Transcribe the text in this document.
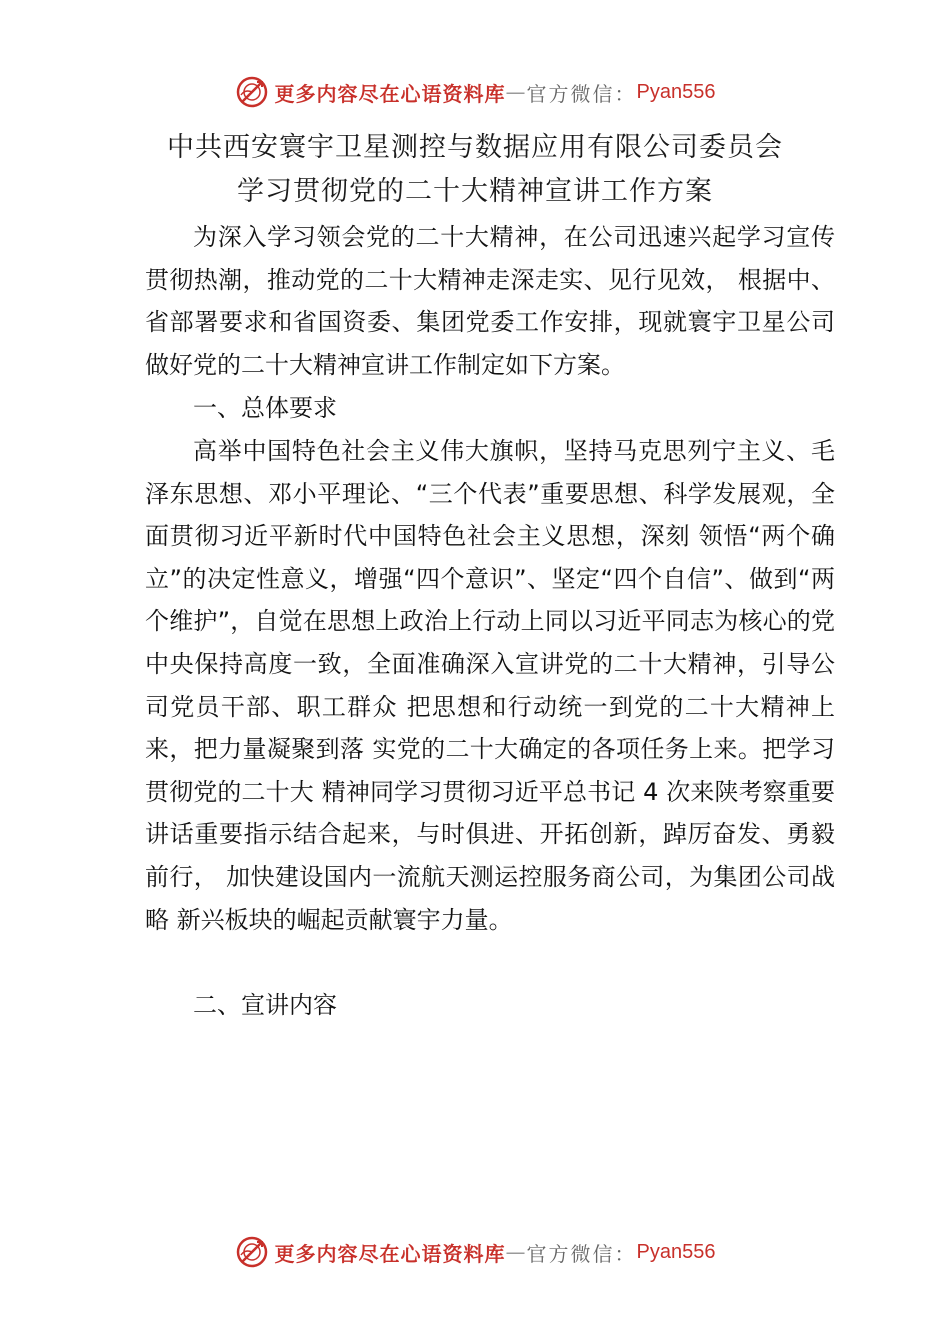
更多内容尽在心语资料库 — 官方微信： Pyan556
中共西安寰宇卫星测控与数据应用有限公司委员会
学习贯彻党的二十大精神宣讲工作方案

为深入学习领会党的二十大精神，在公司迅速兴起学习宣传贯彻热潮，推动党的二十大精神走深走实、见行见效， 根据中、省部署要求和省国资委、集团党委工作安排，现就寰宇卫星公司做好党的二十大精神宣讲工作制定如下方案。

一、总体要求

高举中国特色社会主义伟大旗帜，坚持马克思列宁主义、毛泽东思想、邓小平理论、“三个代表”重要思想、科学发展观，全面贯彻习近平新时代中国特色社会主义思想，深刻 领悟“两个确立”的决定性意义，增强“四个意识”、坚定“四个自信”、做到“两个维护”，自觉在思想上政治上行动上同以习近平同志为核心的党中央保持高度一致，全面准确深入宣讲党的二十大精神，引导公司党员干部、职工群众 把思想和行动统一到党的二十大精神上来，把力量凝聚到落 实党的二十大确定的各项任务上来。把学习贯彻党的二十大 精神同学习贯彻习近平总书记 4 次来陕考察重要讲话重要指示结合起来，与时俱进、开拓创新，踔厉奋发、勇毅前行， 加快建设国内一流航天测运控服务商公司，为集团公司战略 新兴板块的崛起贡献寰宇力量。

二、宣讲内容

更多内容尽在心语资料库 — 官方微信： Pyan556
